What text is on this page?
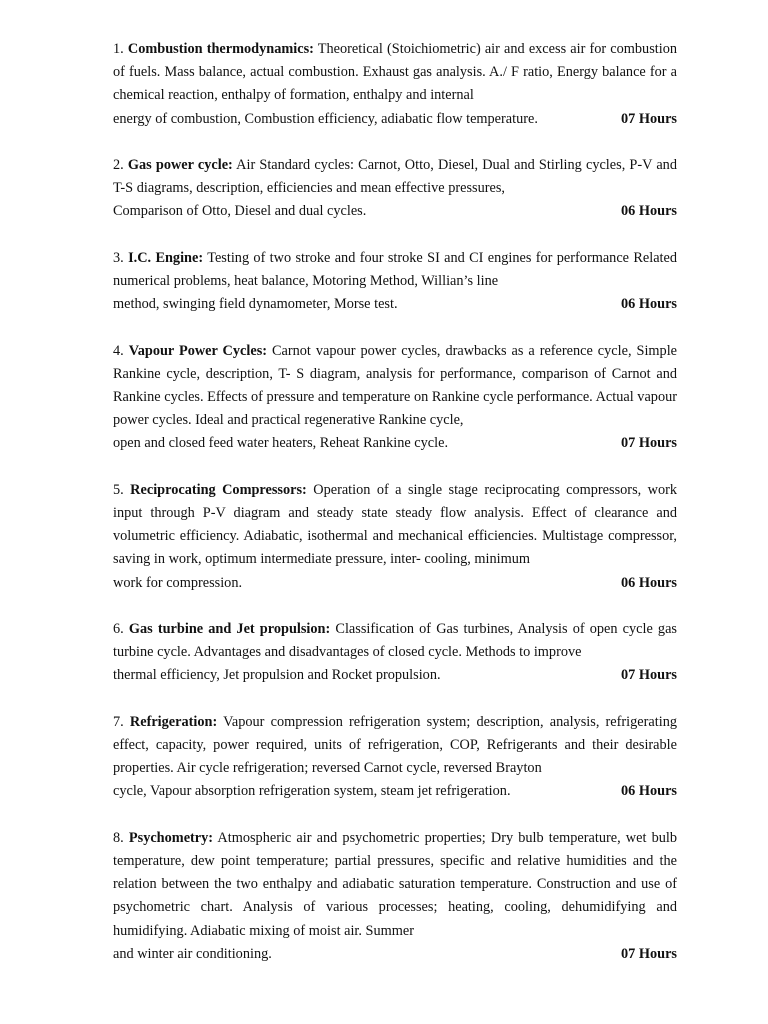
1. Combustion thermodynamics: Theoretical (Stoichiometric) air and excess air for combustion of fuels. Mass balance, actual combustion. Exhaust gas analysis. A./ F ratio, Energy balance for a chemical reaction, enthalpy of formation, enthalpy and internal
energy of combustion, Combustion efficiency, adiabatic flow temperature.	07 Hours
2. Gas power cycle: Air Standard cycles: Carnot, Otto, Diesel, Dual and Stirling cycles, P-V and T-S diagrams, description, efficiencies and mean effective pressures,
Comparison of Otto, Diesel and dual cycles.	06 Hours
3. I.C. Engine: Testing of two stroke and four stroke SI and CI engines for performance Related numerical problems, heat balance, Motoring Method, Willian’s line
method, swinging field dynamometer, Morse test.	06 Hours
4. Vapour Power Cycles: Carnot vapour power cycles, drawbacks as a reference cycle, Simple Rankine cycle, description, T- S diagram, analysis for performance, comparison of Carnot and Rankine cycles. Effects of pressure and temperature on Rankine cycle performance. Actual vapour power cycles. Ideal and practical regenerative Rankine cycle,
open and closed feed water heaters, Reheat Rankine cycle.	07 Hours
5. Reciprocating Compressors: Operation of a single stage reciprocating compressors, work input through P-V diagram and steady state steady flow analysis. Effect of clearance and volumetric efficiency. Adiabatic, isothermal and mechanical efficiencies. Multistage compressor, saving in work, optimum intermediate pressure, inter- cooling, minimum
work for compression.	06 Hours
6. Gas turbine and Jet propulsion: Classification of Gas turbines, Analysis of open cycle gas turbine cycle. Advantages and disadvantages of closed cycle. Methods to improve
thermal efficiency, Jet propulsion and Rocket propulsion.	07 Hours
7. Refrigeration: Vapour compression refrigeration system; description, analysis, refrigerating effect, capacity, power required, units of refrigeration, COP, Refrigerants and their desirable properties. Air cycle refrigeration; reversed Carnot cycle, reversed Brayton
cycle, Vapour absorption refrigeration system, steam jet refrigeration.	06 Hours
8. Psychometry: Atmospheric air and psychometric properties; Dry bulb temperature, wet bulb temperature, dew point temperature; partial pressures, specific and relative humidities and the relation between the two enthalpy and adiabatic saturation temperature. Construction and use of psychometric chart. Analysis of various processes; heating, cooling, dehumidifying and humidifying. Adiabatic mixing of moist air. Summer
and winter air conditioning.	07 Hours
